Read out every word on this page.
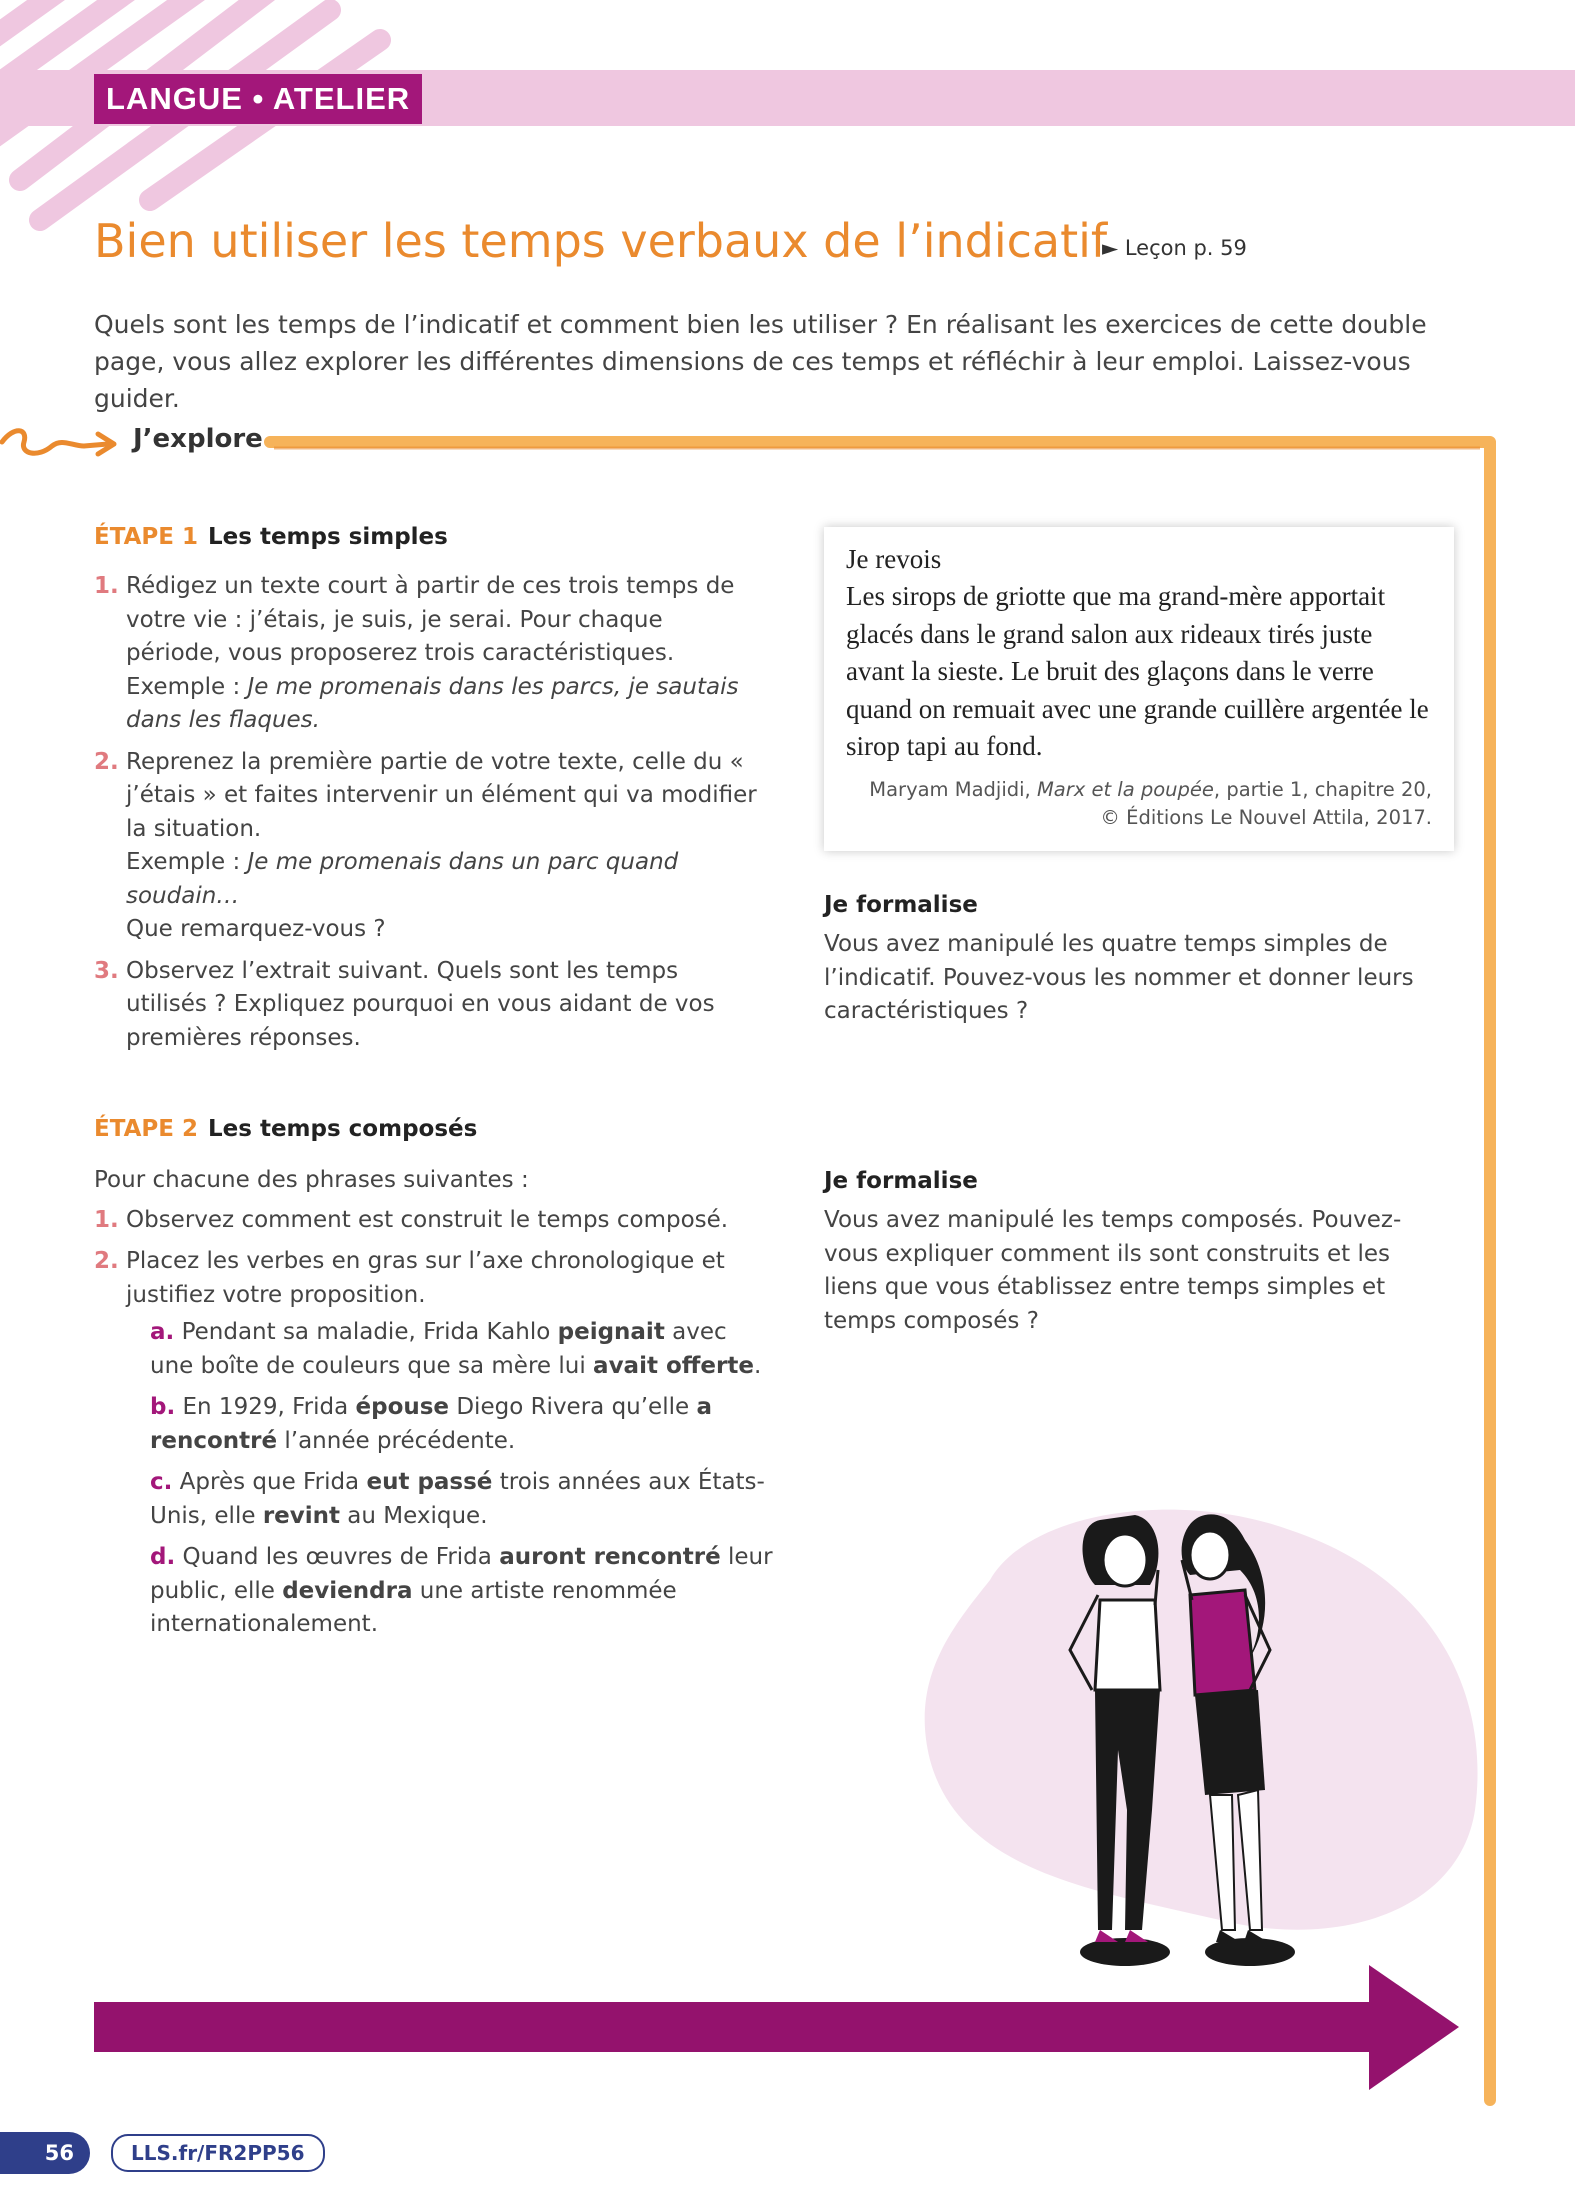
LANGUE • ATELIER
Bien utiliser les temps verbaux de l’indicatif
► Leçon p. 59
Quels sont les temps de l’indicatif et comment bien les utiliser ? En réalisant les exercices de cette double page, vous allez explorer les différentes dimensions de ces temps et réfléchir à leur emploi. Laissez-vous guider.
J’explore
ÉTAPE 1 Les temps simples
1. Rédigez un texte court à partir de ces trois temps de votre vie : j’étais, je suis, je serai. Pour chaque période, vous proposerez trois caractéristiques.
Exemple : Je me promenais dans les parcs, je sautais dans les flaques.
2. Reprenez la première partie de votre texte, celle du « j’étais » et faites intervenir un élément qui va modifier la situation.
Exemple : Je me promenais dans un parc quand soudain…
Que remarquez-vous ?
3. Observez l’extrait suivant. Quels sont les temps utilisés ? Expliquez pourquoi en vous aidant de vos premières réponses.
Je revois
Les sirops de griotte que ma grand-mère apportait glacés dans le grand salon aux rideaux tirés juste avant la sieste. Le bruit des glaçons dans le verre quand on remuait avec une grande cuillère argentée le sirop tapi au fond.
Maryam Madjidi, Marx et la poupée, partie 1, chapitre 20,
© Éditions Le Nouvel Attila, 2017.
Je formalise
Vous avez manipulé les quatre temps simples de l’indicatif. Pouvez-vous les nommer et donner leurs caractéristiques ?
ÉTAPE 2 Les temps composés
Pour chacune des phrases suivantes :
1. Observez comment est construit le temps composé.
2. Placez les verbes en gras sur l’axe chronologique et justifiez votre proposition.
a. Pendant sa maladie, Frida Kahlo peignait avec une boîte de couleurs que sa mère lui avait offerte.
b. En 1929, Frida épouse Diego Rivera qu’elle a rencontré l’année précédente.
c. Après que Frida eut passé trois années aux États-Unis, elle revint au Mexique.
d. Quand les œuvres de Frida auront rencontré leur public, elle deviendra une artiste renommée internationalement.
Je formalise
Vous avez manipulé les temps composés. Pouvez-vous expliquer comment ils sont construits et les liens que vous établissez entre temps simples et temps composés ?
56	LLS.fr/FR2PP56
